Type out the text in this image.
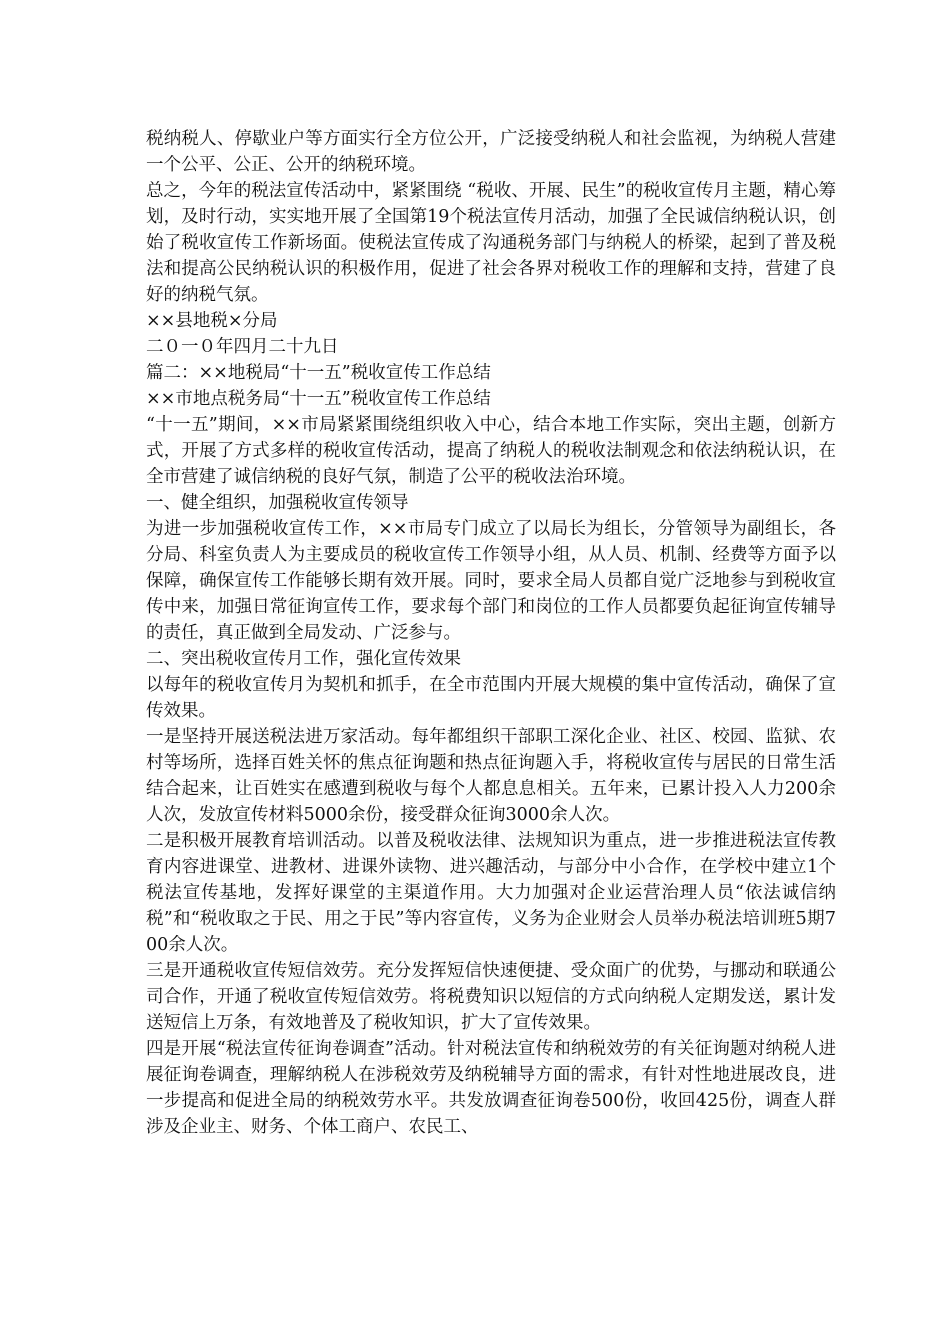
税纳税人、停歇业户等方面实行全方位公开，广泛接受纳税人和社会监视，为纳税人营建一个公平、公正、公开的纳税环境。

总之，今年的税法宣传活动中，紧紧围绕 “税收、开展、民生”的税收宣传月主题，精心筹划，及时行动，实实地开展了全国第19个税法宣传月活动，加强了全民诚信纳税认识，创始了税收宣传工作新场面。使税法宣传成了沟通税务部门与纳税人的桥梁，起到了普及税法和提高公民纳税认识的积极作用，促进了社会各界对税收工作的理解和支持，营建了良好的纳税气氛。

××县地税×分局

二０一０年四月二十九日

篇二：××地税局“十一五”税收宣传工作总结

××市地点税务局“十一五”税收宣传工作总结

“十一五”期间，××市局紧紧围绕组织收入中心，结合本地工作实际，突出主题，创新方式，开展了方式多样的税收宣传活动，提高了纳税人的税收法制观念和依法纳税认识，在全市营建了诚信纳税的良好气氛，制造了公平的税收法治环境。

一、健全组织，加强税收宣传领导

为进一步加强税收宣传工作，××市局专门成立了以局长为组长，分管领导为副组长，各分局、科室负责人为主要成员的税收宣传工作领导小组，从人员、机制、经费等方面予以保障，确保宣传工作能够长期有效开展。同时，要求全局人员都自觉广泛地参与到税收宣传中来，加强日常征询宣传工作，要求每个部门和岗位的工作人员都要负起征询宣传辅导的责任，真正做到全局发动、广泛参与。

二、突出税收宣传月工作，强化宣传效果

以每年的税收宣传月为契机和抓手，在全市范围内开展大规模的集中宣传活动，确保了宣传效果。

一是坚持开展送税法进万家活动。每年都组织干部职工深化企业、社区、校园、监狱、农村等场所，选择百姓关怀的焦点征询题和热点征询题入手，将税收宣传与居民的日常生活结合起来，让百姓实在感遭到税收与每个人都息息相关。五年来，已累计投入人力200余人次，发放宣传材料5000余份，接受群众征询3000余人次。

二是积极开展教育培训活动。以普及税收法律、法规知识为重点，进一步推进税法宣传教育内容进课堂、进教材、进课外读物、进兴趣活动，与部分中小合作，在学校中建立1个税法宣传基地，发挥好课堂的主渠道作用。大力加强对企业运营治理人员“依法诚信纳税”和“税收取之于民、用之于民”等内容宣传，义务为企业财会人员举办税法培训班5期700余人次。

三是开通税收宣传短信效劳。充分发挥短信快速便捷、受众面广的优势，与挪动和联通公司合作，开通了税收宣传短信效劳。将税费知识以短信的方式向纳税人定期发送，累计发送短信上万条，有效地普及了税收知识，扩大了宣传效果。

四是开展“税法宣传征询卷调查”活动。针对税法宣传和纳税效劳的有关征询题对纳税人进展征询卷调查，理解纳税人在涉税效劳及纳税辅导方面的需求，有针对性地进展改良，进一步提高和促进全局的纳税效劳水平。共发放调查征询卷500份，收回425份，调查人群涉及企业主、财务、个体工商户、农民工、
